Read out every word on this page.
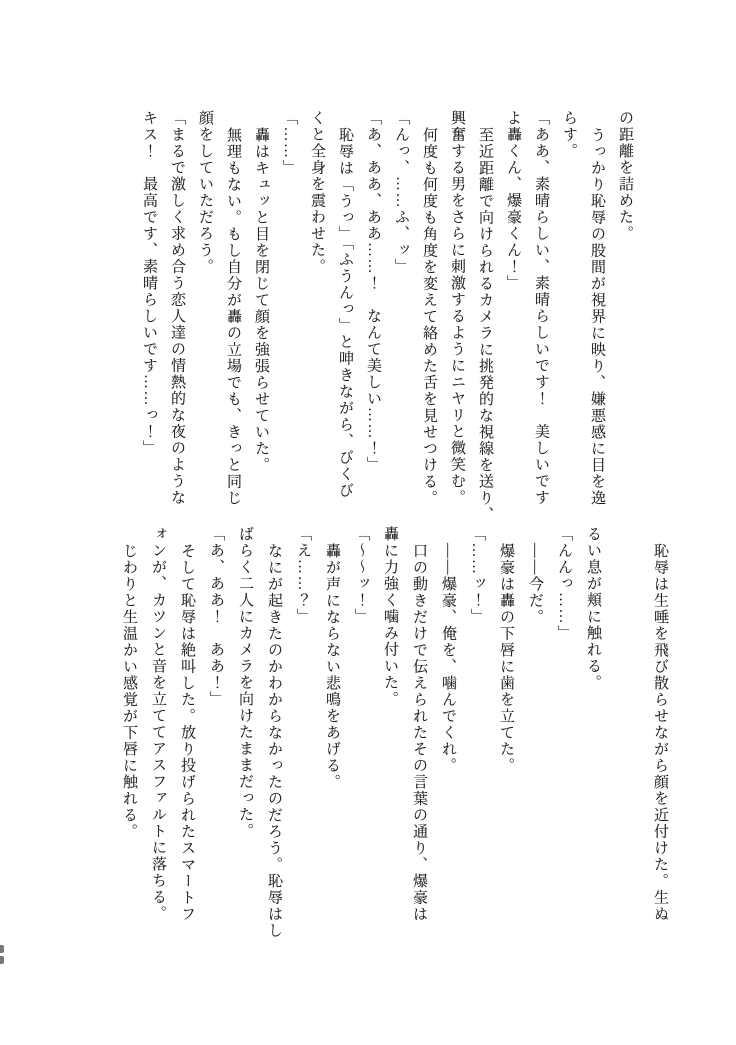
の距離を詰めた。
うっかり恥辱の股間が視界に映り、嫌悪感に目を逸
らす。
「ああ、素晴らしい、素晴らしいです！　美しいです
よ轟くん、爆豪くん！」
至近距離で向けられるカメラに挑発的な視線を送り、
興奮する男をさらに刺激するようにニヤリと微笑む。
何度も何度も角度を変えて絡めた舌を見せつける。
「んっ、……ふ、ッ」
「あ、ああ、ああ……！　なんて美しい……！」
恥辱は「うっ」「ふうんっ」と呻きながら、びくび
くと全身を震わせた。
「……」
轟はキュッと目を閉じて顔を強張らせていた。
無理もない。もし自分が轟の立場でも、きっと同じ
顔をしていただろう。
「まるで激しく求め合う恋人達の情熱的な夜のような
キス！　最高です、素晴らしいです……っ！」
恥辱は生唾を飛び散らせながら顔を近付けた。生ぬ
るい息が頬に触れる。
「んんっ……」
――今だ。
爆豪は轟の下唇に歯を立てた。
「……ッ！」
――爆豪、俺を、噛んでくれ。
口の動きだけで伝えられたその言葉の通り、爆豪は
轟に力強く噛み付いた。
「〜〜ッ！」
轟が声にならない悲鳴をあげる。
「え……？」
なにが起きたのかわからなかったのだろう。恥辱はし
ばらく二人にカメラを向けたままだった。
「あ、ああ！　ああ！」
そして恥辱は絶叫した。放り投げられたスマートフ
ォンが、カツンと音を立ててアスファルトに落ちる。
じわりと生温かい感覚が下唇に触れる。
